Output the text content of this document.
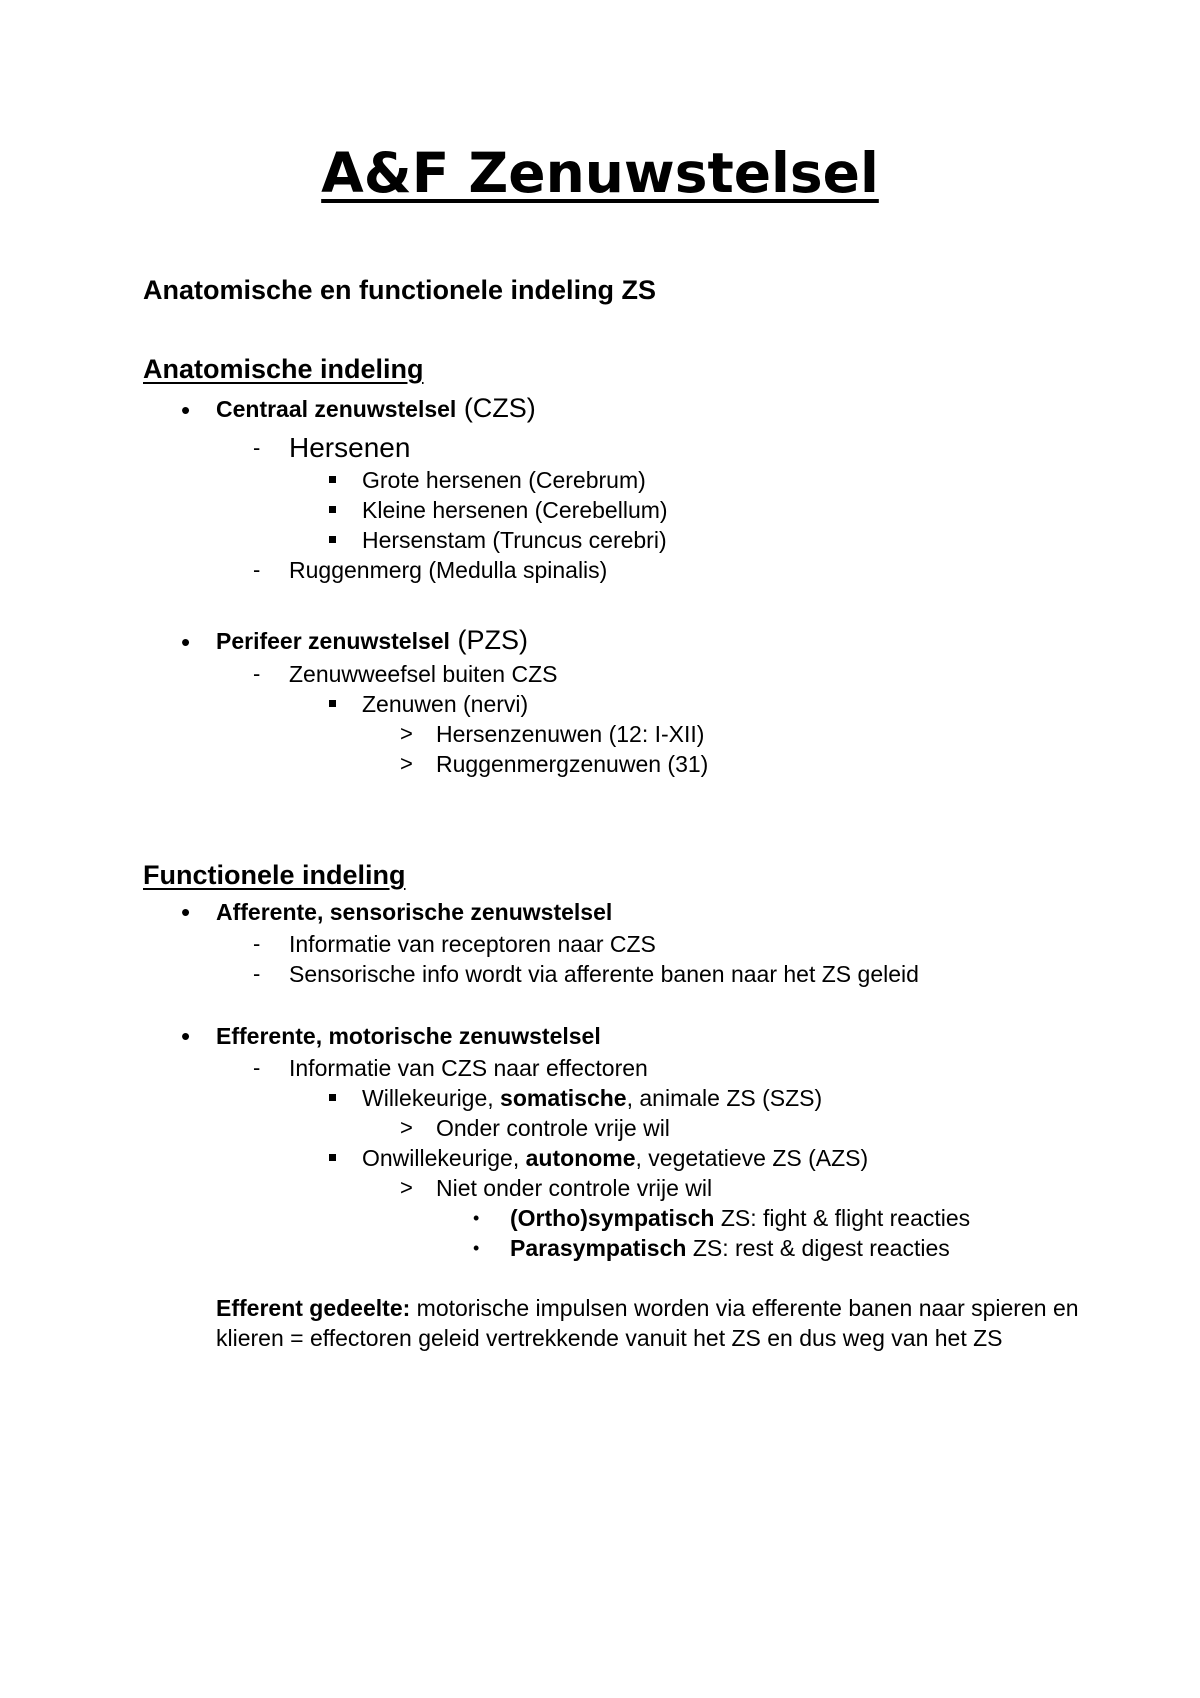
A&F Zenuwstelsel
Anatomische en functionele indeling ZS
Anatomische indeling
• Centraal zenuwstelsel (CZS)
- Hersenen
Grote hersenen (Cerebrum)
Kleine hersenen (Cerebellum)
Hersenstam (Truncus cerebri)
- Ruggenmerg (Medulla spinalis)
• Perifeer zenuwstelsel (PZS)
- Zenuwweefsel buiten CZS
Zenuwen (nervi)
> Hersenzenuwen (12: I-XII)
> Ruggenmergzenuwen (31)
Functionele indeling
• Afferente, sensorische zenuwstelsel
- Informatie van receptoren naar CZS
- Sensorische info wordt via afferente banen naar het ZS geleid
• Efferente, motorische zenuwstelsel
- Informatie van CZS naar effectoren
Willekeurige, somatische, animale ZS (SZS)
> Onder controle vrije wil
Onwillekeurige, autonome, vegetatieve ZS (AZS)
> Niet onder controle vrije wil
• (Ortho)sympatisch ZS: fight & flight reacties
• Parasympatisch ZS: rest & digest reacties
Efferent gedeelte: motorische impulsen worden via efferente banen naar spieren en
klieren = effectoren geleid vertrekkende vanuit het ZS en dus weg van het ZS
